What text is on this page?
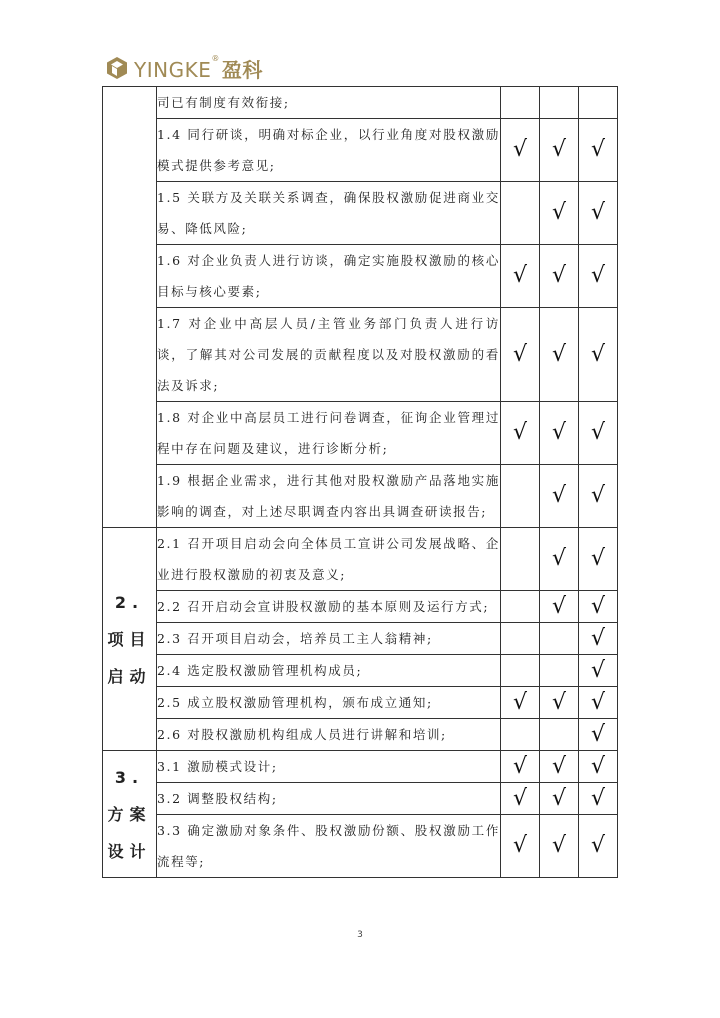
YINGKE® 盈科
	司已有制度有效衔接;			
	1.4 同行研谈，明确对标企业，以行业角度对股权激励模式提供参考意见;	√	√	√
	1.5 关联方及关联关系调查，确保股权激励促进商业交易、降低风险;		√	√
	1.6 对企业负责人进行访谈，确定实施股权激励的核心目标与核心要素;	√	√	√
	1.7 对企业中高层人员/主管业务部门负责人进行访谈，了解其对公司发展的贡献程度以及对股权激励的看法及诉求;	√	√	√
	1.8 对企业中高层员工进行问卷调查，征询企业管理过程中存在问题及建议，进行诊断分析;	√	√	√
	1.9 根据企业需求，进行其他对股权激励产品落地实施影响的调查，对上述尽职调查内容出具调查研读报告;		√	√
2. 项目启动	2.1 召开项目启动会向全体员工宣讲公司发展战略、企业进行股权激励的初衷及意义;		√	√
	2.2 召开启动会宣讲股权激励的基本原则及运行方式;		√	√
	2.3 召开项目启动会，培养员工主人翁精神;			√
	2.4 选定股权激励管理机构成员;			√
	2.5 成立股权激励管理机构，颁布成立通知;	√	√	√
	2.6 对股权激励机构组成人员进行讲解和培训;			√
3. 方案设计	3.1 激励模式设计;	√	√	√
	3.2 调整股权结构;	√	√	√
	3.3 确定激励对象条件、股权激励份额、股权激励工作流程等;	√	√	√
3
